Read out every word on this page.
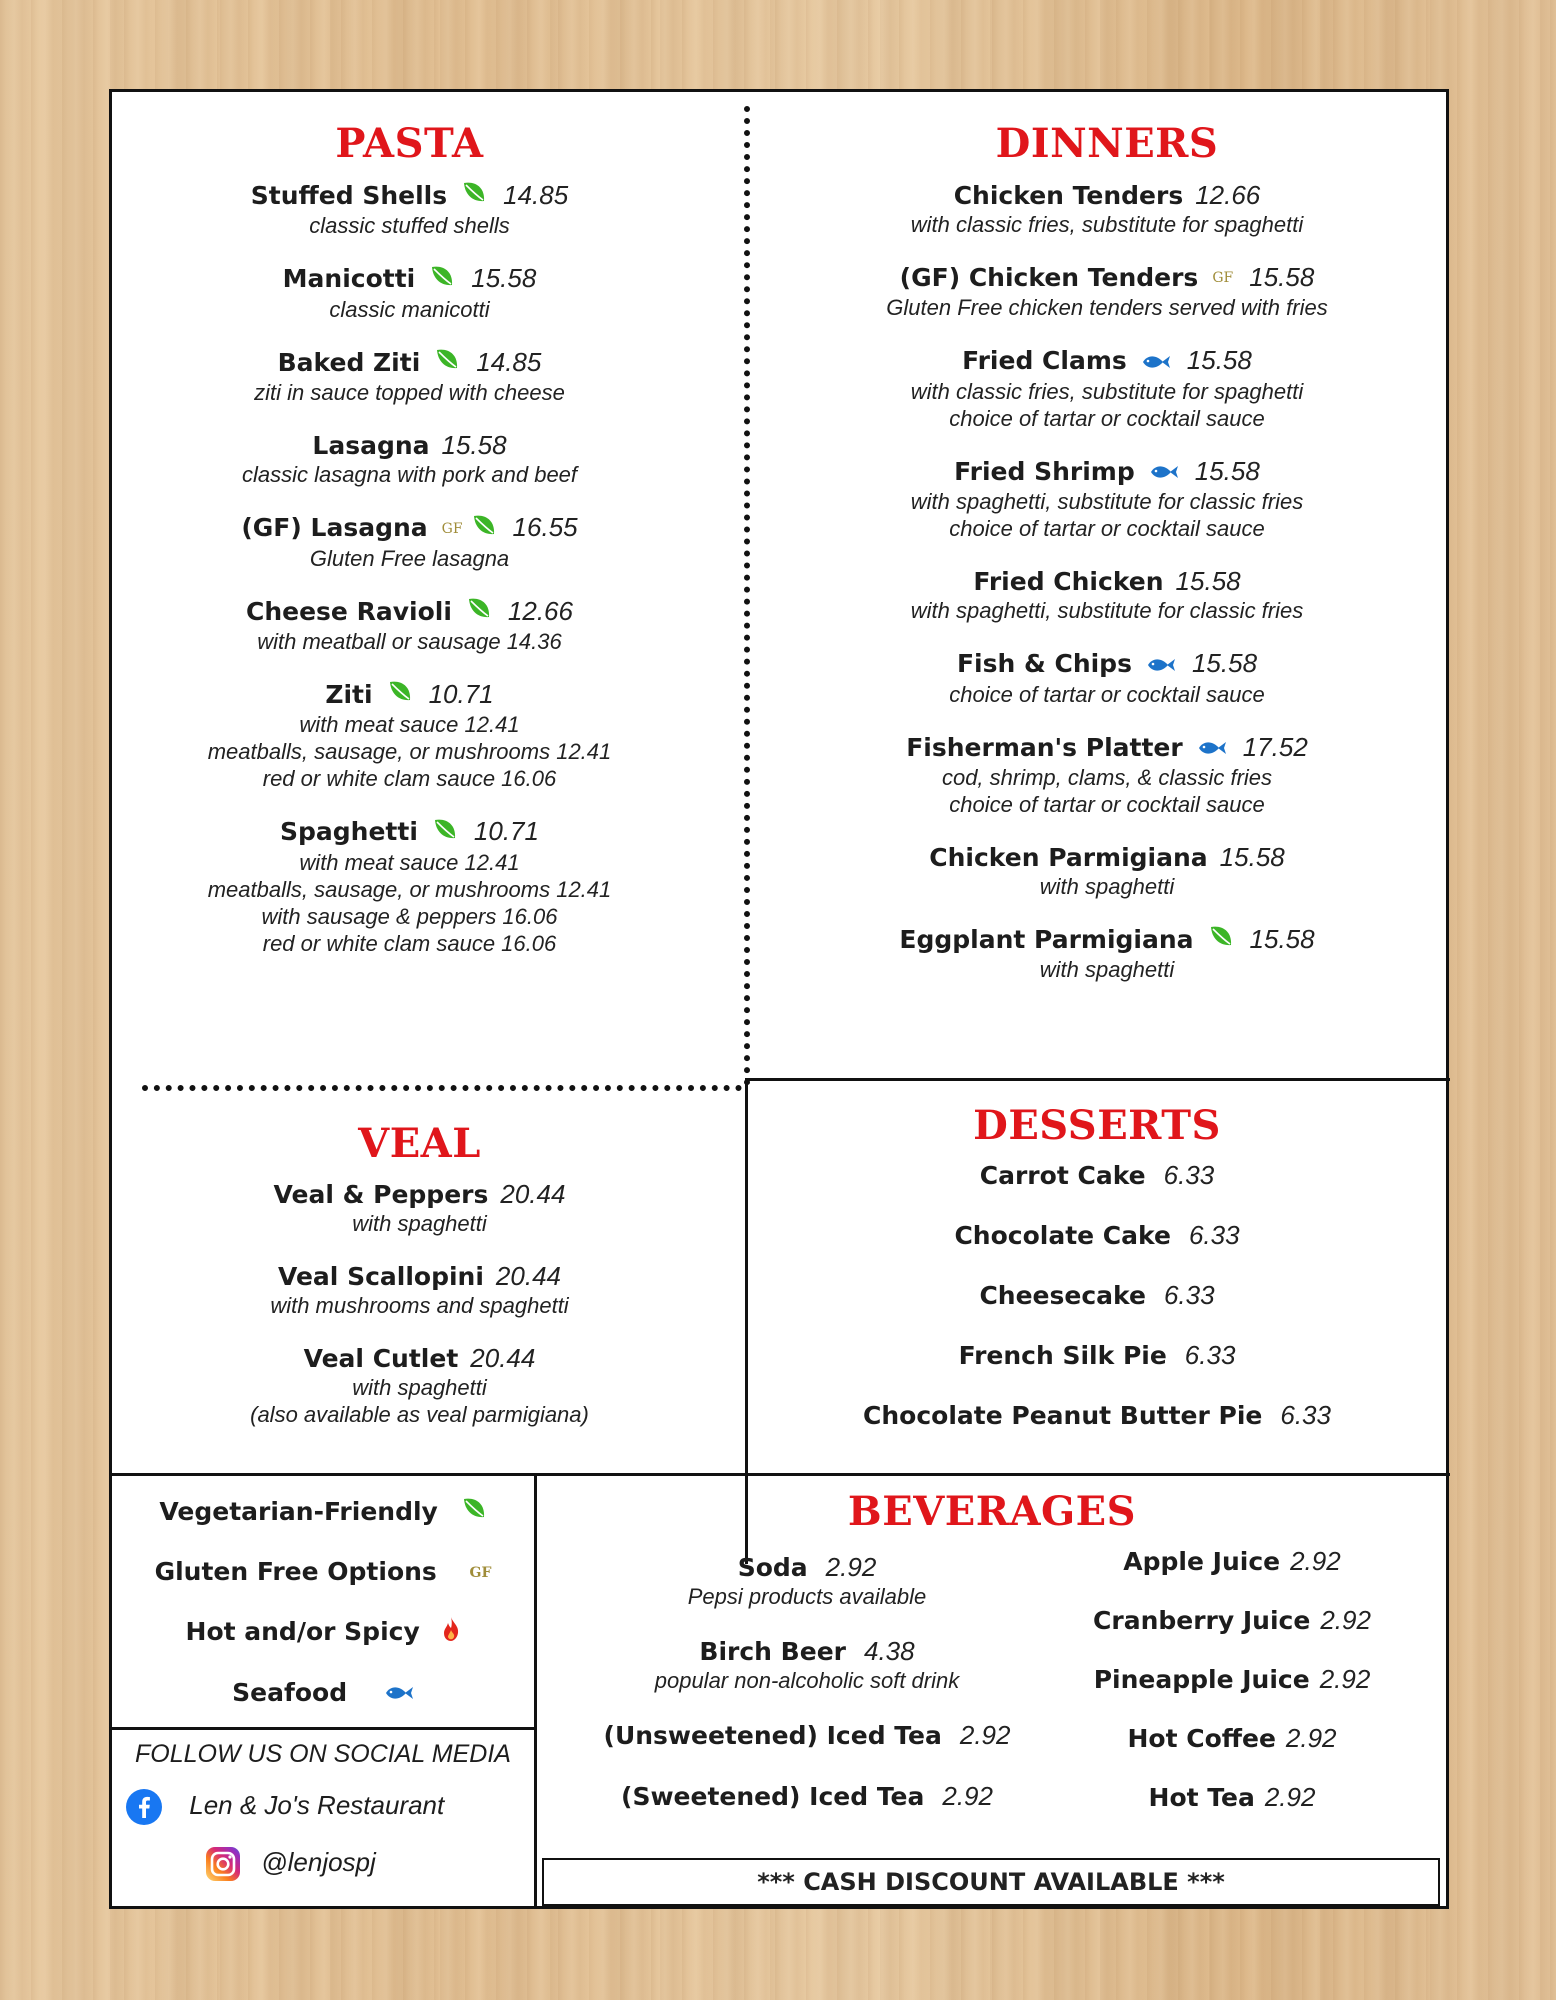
PASTA
Stuffed Shells 14.85
classic stuffed shells
Manicotti 15.58
classic manicotti
Baked Ziti 14.85
ziti in sauce topped with cheese
Lasagna 15.58
classic lasagna with pork and beef
(GF) Lasagna GF 16.55
Gluten Free lasagna
Cheese Ravioli 12.66
with meatball or sausage 14.36
Ziti 10.71
with meat sauce 12.41
meatballs, sausage, or mushrooms 12.41
red or white clam sauce 16.06
Spaghetti 10.71
with meat sauce 12.41
meatballs, sausage, or mushrooms 12.41
with sausage & peppers 16.06
red or white clam sauce 16.06
DINNERS
Chicken Tenders 12.66
with classic fries, substitute for spaghetti
(GF) Chicken Tenders GF 15.58
Gluten Free chicken tenders served with fries
Fried Clams 15.58
with classic fries, substitute for spaghetti
choice of tartar or cocktail sauce
Fried Shrimp 15.58
with spaghetti, substitute for classic fries
choice of tartar or cocktail sauce
Fried Chicken 15.58
with spaghetti, substitute for classic fries
Fish & Chips 15.58
choice of tartar or cocktail sauce
Fisherman's Platter 17.52
cod, shrimp, clams, & classic fries
choice of tartar or cocktail sauce
Chicken Parmigiana 15.58
with spaghetti
Eggplant Parmigiana 15.58
with spaghetti
VEAL
Veal & Peppers 20.44
with spaghetti
Veal Scallopini 20.44
with mushrooms and spaghetti
Veal Cutlet 20.44
with spaghetti
(also available as veal parmigiana)
DESSERTS
Carrot Cake 6.33
Chocolate Cake 6.33
Cheesecake 6.33
French Silk Pie 6.33
Chocolate Peanut Butter Pie 6.33
Vegetarian-Friendly
Gluten Free Options GF
Hot and/or Spicy
Seafood
FOLLOW US ON SOCIAL MEDIA
Len & Jo's Restaurant
@lenjospj
BEVERAGES
Soda 2.92
Pepsi products available
Birch Beer 4.38
popular non-alcoholic soft drink
(Unsweetened) Iced Tea 2.92
(Sweetened) Iced Tea 2.92
Apple Juice 2.92
Cranberry Juice 2.92
Pineapple Juice 2.92
Hot Coffee 2.92
Hot Tea 2.92
*** CASH DISCOUNT AVAILABLE ***
